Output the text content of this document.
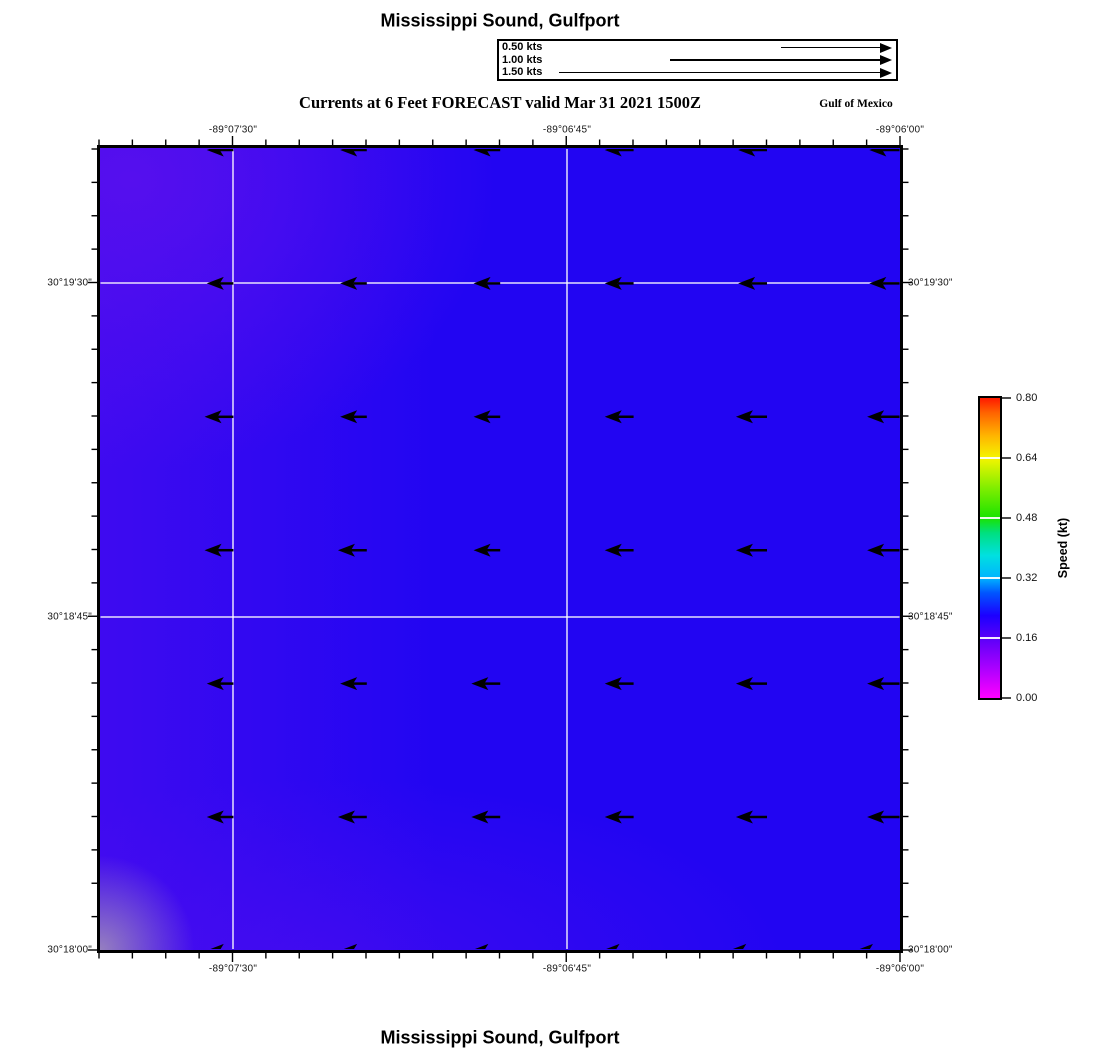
Mississippi Sound, Gulfport
0.50 kts
1.00 kts
1.50 kts
Currents at 6 Feet FORECAST valid Mar 31 2021 1500Z	Gulf of Mexico
Speed (kt)
Mississippi Sound, Gulfport
-89°07'30"
-89°07'30"
-89°06'45"
-89°06'45"
-89°06'00"
-89°06'00"
30°19'30"	30°19'30"
30°18'45"	30°18'45"
30°18'00"	30°18'00"
0.00
0.16
0.32
0.48
0.64
0.80
